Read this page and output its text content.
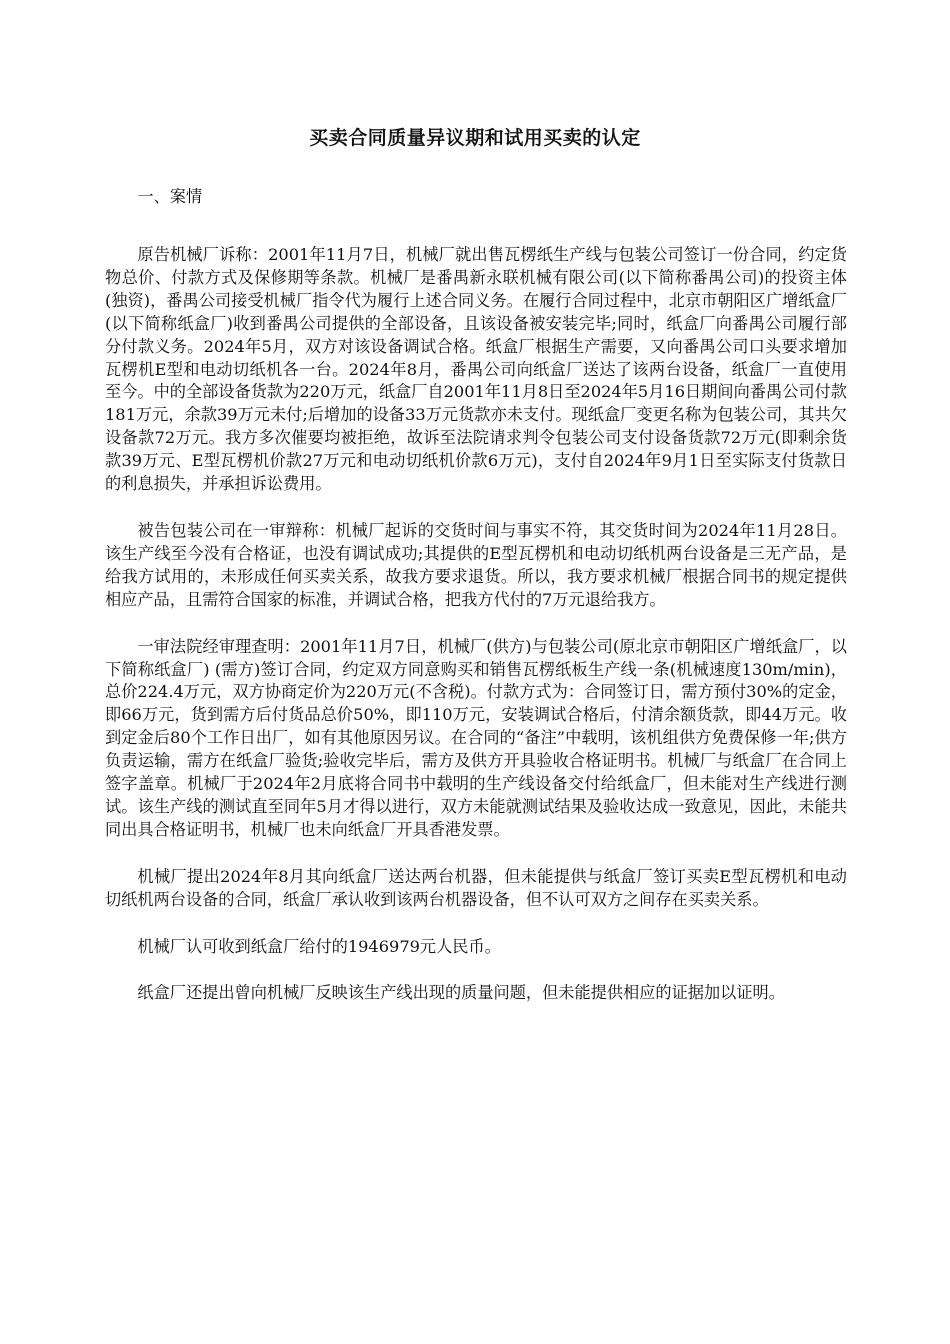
买卖合同质量异议期和试用买卖的认定

一、案情

原告机械厂诉称：2001年11月7日，机械厂就出售瓦楞纸生产线与包装公司签订一份合同，约定货物总价、付款方式及保修期等条款。机械厂是番禺新永联机械有限公司(以下简称番禺公司)的投资主体(独资)，番禺公司接受机械厂指令代为履行上述合同义务。在履行合同过程中，北京市朝阳区广增纸盒厂(以下简称纸盒厂)收到番禺公司提供的全部设备，且该设备被安装完毕;同时，纸盒厂向番禺公司履行部分付款义务。2024年5月，双方对该设备调试合格。纸盒厂根据生产需要，又向番禺公司口头要求增加瓦楞机E型和电动切纸机各一台。2024年8月，番禺公司向纸盒厂送达了该两台设备，纸盒厂一直使用至今。中的全部设备货款为220万元，纸盒厂自2001年11月8日至2024年5月16日期间向番禺公司付款181万元，余款39万元未付;后增加的设备33万元货款亦未支付。现纸盒厂变更名称为包装公司，其共欠设备款72万元。我方多次催要均被拒绝，故诉至法院请求判令包装公司支付设备货款72万元(即剩余货款39万元、E型瓦楞机价款27万元和电动切纸机价款6万元)，支付自2024年9月1日至实际支付货款日的利息损失，并承担诉讼费用。

被告包装公司在一审辩称：机械厂起诉的交货时间与事实不符，其交货时间为2024年11月28日。该生产线至今没有合格证，也没有调试成功;其提供的E型瓦楞机和电动切纸机两台设备是三无产品，是给我方试用的，未形成任何买卖关系，故我方要求退货。所以，我方要求机械厂根据合同书的规定提供相应产品，且需符合国家的标准，并调试合格，把我方代付的7万元退给我方。

一审法院经审理查明：2001年11月7日，机械厂(供方)与包装公司(原北京市朝阳区广增纸盒厂，以下简称纸盒厂) (需方)签订合同，约定双方同意购买和销售瓦楞纸板生产线一条(机械速度130m/min)，总价224.4万元，双方协商定价为220万元(不含税)。付款方式为：合同签订日，需方预付30%的定金，即66万元，货到需方后付货品总价50%，即110万元，安装调试合格后，付清余额货款，即44万元。收到定金后80个工作日出厂，如有其他原因另议。在合同的“备注”中载明，该机组供方免费保修一年;供方负责运输，需方在纸盒厂验货;验收完毕后，需方及供方开具验收合格证明书。机械厂与纸盒厂在合同上签字盖章。机械厂于2024年2月底将合同书中载明的生产线设备交付给纸盒厂，但未能对生产线进行测试。该生产线的测试直至同年5月才得以进行，双方未能就测试结果及验收达成一致意见，因此，未能共同出具合格证明书，机械厂也未向纸盒厂开具香港发票。

机械厂提出2024年8月其向纸盒厂送达两台机器，但未能提供与纸盒厂签订买卖E型瓦楞机和电动切纸机两台设备的合同，纸盒厂承认收到该两台机器设备，但不认可双方之间存在买卖关系。

机械厂认可收到纸盒厂给付的1946979元人民币。

纸盒厂还提出曾向机械厂反映该生产线出现的质量问题，但未能提供相应的证据加以证明。
